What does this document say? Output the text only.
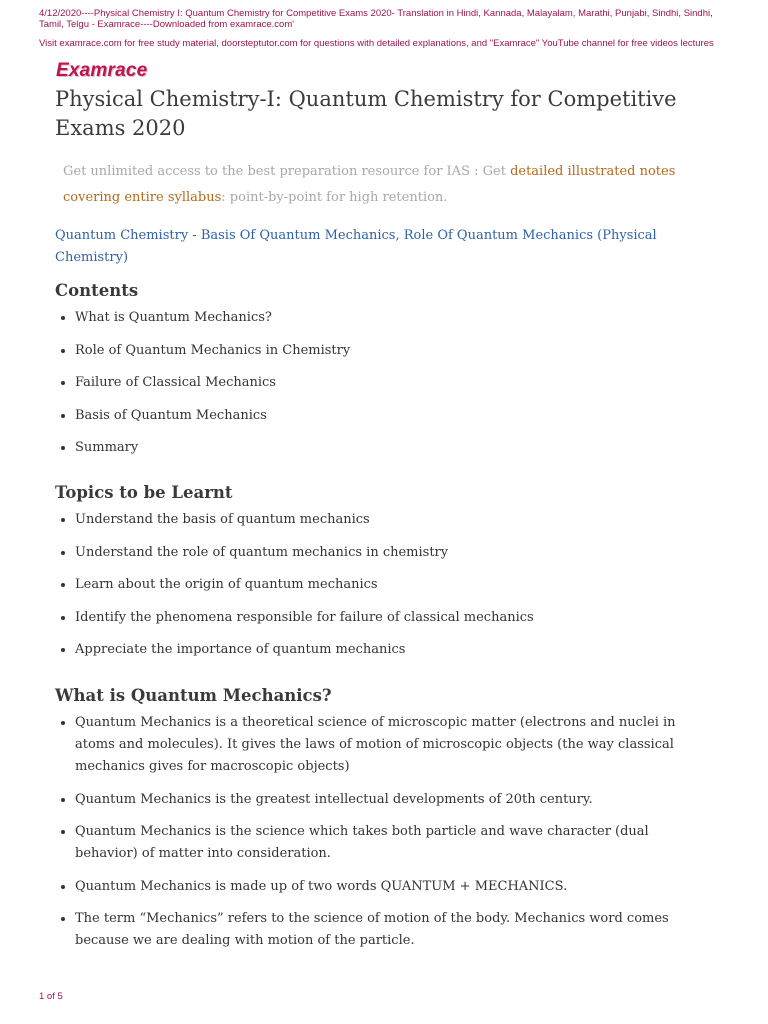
4/12/2020----Physical Chemistry I: Quantum Chemistry for Competitive Exams 2020- Translation in Hindi, Kannada, Malayalam, Marathi, Punjabi, Sindhi, Sindhi, Tamil, Telgu - Examrace----Downloaded from examrace.com'
Visit examrace.com for free study material, doorsteptutor.com for questions with detailed explanations, and "Examrace" YouTube channel for free videos lectures
Examrace
Physical Chemistry-I: Quantum Chemistry for Competitive Exams 2020
Get unlimited access to the best preparation resource for IAS : Get detailed illustrated notes covering entire syllabus: point-by-point for high retention.
Quantum Chemistry - Basis Of Quantum Mechanics, Role Of Quantum Mechanics (Physical Chemistry)
Contents
What is Quantum Mechanics?
Role of Quantum Mechanics in Chemistry
Failure of Classical Mechanics
Basis of Quantum Mechanics
Summary
Topics to be Learnt
Understand the basis of quantum mechanics
Understand the role of quantum mechanics in chemistry
Learn about the origin of quantum mechanics
Identify the phenomena responsible for failure of classical mechanics
Appreciate the importance of quantum mechanics
What is Quantum Mechanics?
Quantum Mechanics is a theoretical science of microscopic matter (electrons and nuclei in atoms and molecules). It gives the laws of motion of microscopic objects (the way classical mechanics gives for macroscopic objects)
Quantum Mechanics is the greatest intellectual developments of 20th century.
Quantum Mechanics is the science which takes both particle and wave character (dual behavior) of matter into consideration.
Quantum Mechanics is made up of two words QUANTUM + MECHANICS.
The term “Mechanics” refers to the science of motion of the body. Mechanics word comes because we are dealing with motion of the particle.
1 of 5
